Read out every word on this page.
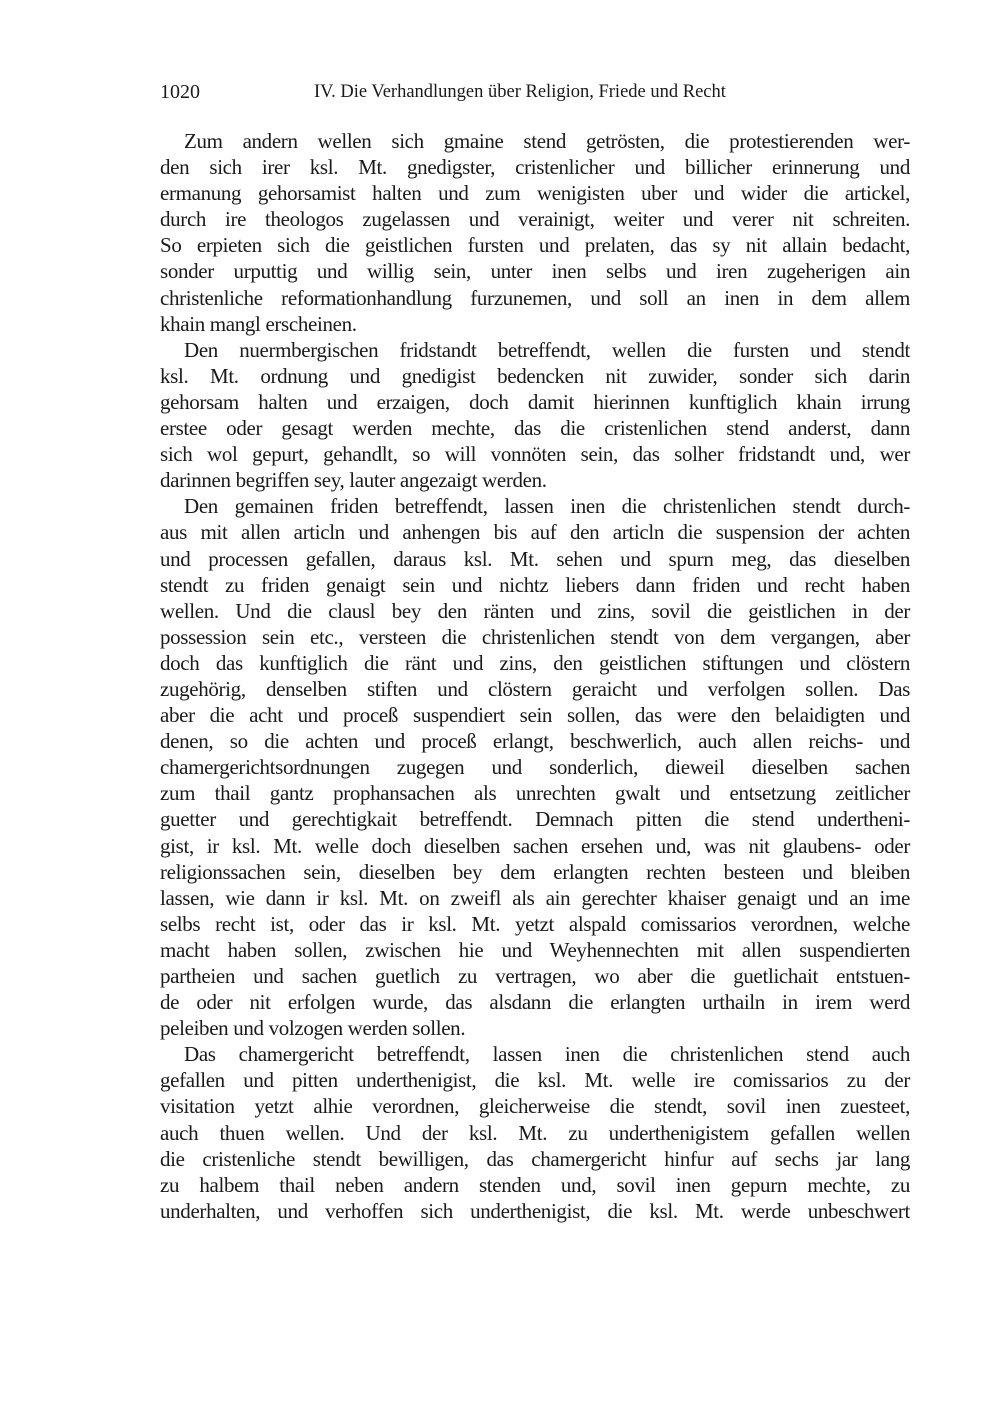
1020	IV. Die Verhandlungen über Religion, Friede und Recht
Zum andern wellen sich gmaine stend getrösten, die protestierenden wer-
den sich irer ksl. Mt. gnedigster, cristenlicher und billicher erinnerung und
ermanung gehorsamist halten und zum wenigisten uber und wider die artickel,
durch ire theologos zugelassen und verainigt, weiter und verer nit schreiten.
So erpieten sich die geistlichen fursten und prelaten, das sy nit allain bedacht,
sonder urputtig und willig sein, unter inen selbs und iren zugeherigen ain
christenliche reformationhandlung furzunemen, und soll an inen in dem allem
khain mangl erscheinen.
Den nuermbergischen fridstandt betreffendt, wellen die fursten und stendt
ksl. Mt. ordnung und gnedigist bedencken nit zuwider, sonder sich darin
gehorsam halten und erzaigen, doch damit hierinnen kunftiglich khain irrung
erstee oder gesagt werden mechte, das die cristenlichen stend anderst, dann
sich wol gepurt, gehandlt, so will vonnöten sein, das solher fridstandt und, wer
darinnen begriffen sey, lauter angezaigt werden.
Den gemainen friden betreffendt, lassen inen die christenlichen stendt durch-
aus mit allen articln und anhengen bis auf den articln die suspension der achten
und processen gefallen, daraus ksl. Mt. sehen und spurn meg, das dieselben
stendt zu friden genaigt sein und nichtz liebers dann friden und recht haben
wellen. Und die clausl bey den ränten und zins, sovil die geistlichen in der
possession sein etc., versteen die christenlichen stendt von dem vergangen, aber
doch das kunftiglich die ränt und zins, den geistlichen stiftungen und clöstern
zugehörig, denselben stiften und clöstern geraicht und verfolgen sollen. Das
aber die acht und proceß suspendiert sein sollen, das were den belaidigten und
denen, so die achten und proceß erlangt, beschwerlich, auch allen reichs- und
chamergerichtsordnungen zugegen und sonderlich, dieweil dieselben sachen
zum thail gantz prophansachen als unrechten gwalt und entsetzung zeitlicher
guetter und gerechtigkait betreffendt. Demnach pitten die stend underthenі-
gist, ir ksl. Mt. welle doch dieselben sachen ersehen und, was nit glaubens- oder
religionssachen sein, dieselben bey dem erlangten rechten besteen und bleiben
lassen, wie dann ir ksl. Mt. on zweifl als ain gerechter khaiser genaigt und an ime
selbs recht ist, oder das ir ksl. Mt. yetzt alspald comissarios verordnen, welche
macht haben sollen, zwischen hie und Weyhennechten mit allen suspendierten
partheien und sachen guetlich zu vertragen, wo aber die guetlichait entstuen-
de oder nit erfolgen wurde, das alsdann die erlangten urthailn in irem werd
peleiben und volzogen werden sollen.
Das chamergericht betreffendt, lassen inen die christenlichen stend auch
gefallen und pitten underthenigist, die ksl. Mt. welle ire comissarios zu der
visitation yetzt alhie verordnen, gleicherweise die stendt, sovil inen zuesteet,
auch thuen wellen. Und der ksl. Mt. zu underthenigistem gefallen wellen
die cristenliche stendt bewilligen, das chamergericht hinfur auf sechs jar lang
zu halbem thail neben andern stenden und, sovil inen gepurn mechte, zu
underhalten, und verhoffen sich underthenigist, die ksl. Mt. werde unbeschwert
